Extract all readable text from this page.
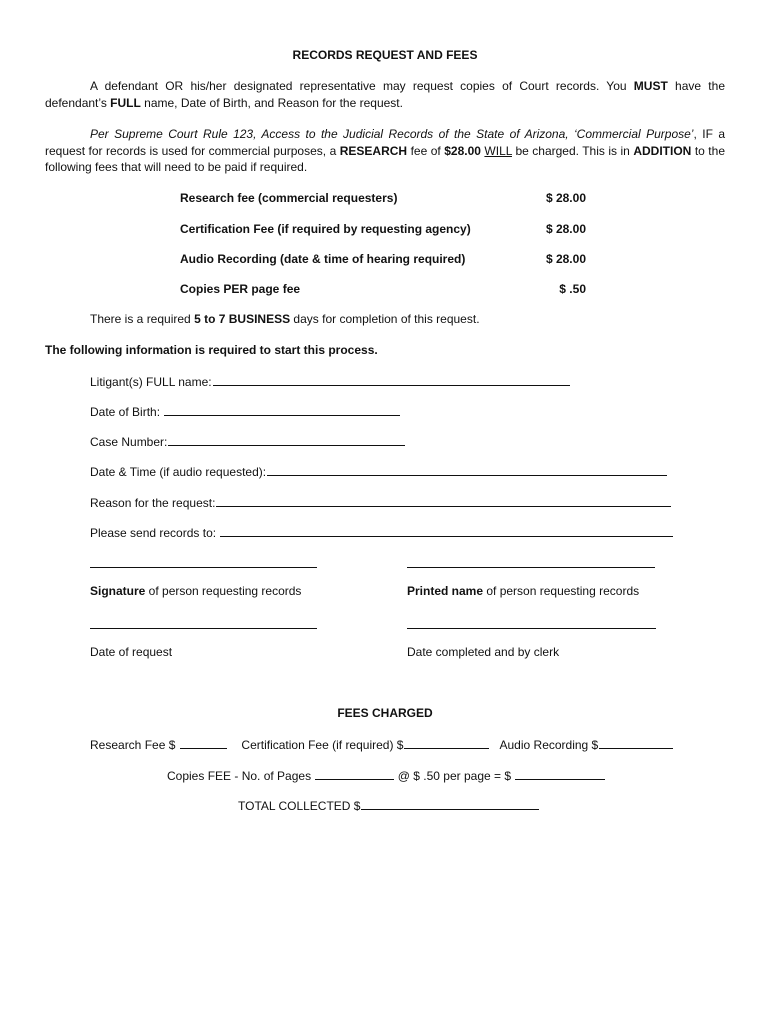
RECORDS REQUEST AND FEES
A defendant OR his/her designated representative may request copies of Court records. You MUST have the defendant’s FULL name, Date of Birth, and Reason for the request.
Per Supreme Court Rule 123, Access to the Judicial Records of the State of Arizona, ‘Commercial Purpose’, IF a request for records is used for commercial purposes, a RESEARCH fee of $28.00 WILL be charged. This is in ADDITION to the following fees that will need to be paid if required.
Research fee (commercial requesters)	$ 28.00
Certification Fee (if required by requesting agency)	$ 28.00
Audio Recording (date & time of hearing required)	$ 28.00
Copies PER page fee	$ .50
There is a required 5 to 7 BUSINESS days for completion of this request.
The following information is required to start this process.
Litigant(s) FULL name:
Date of Birth:
Case Number:
Date & Time (if audio requested):
Reason for the request:
Please send records to:
Signature of person requesting records	Printed name of person requesting records
Date of request	Date completed and by clerk
FEES CHARGED
Research Fee $	Certification Fee (if required) $	Audio Recording $
Copies FEE - No. of Pages	@ $ .50 per page = $
TOTAL COLLECTED $
